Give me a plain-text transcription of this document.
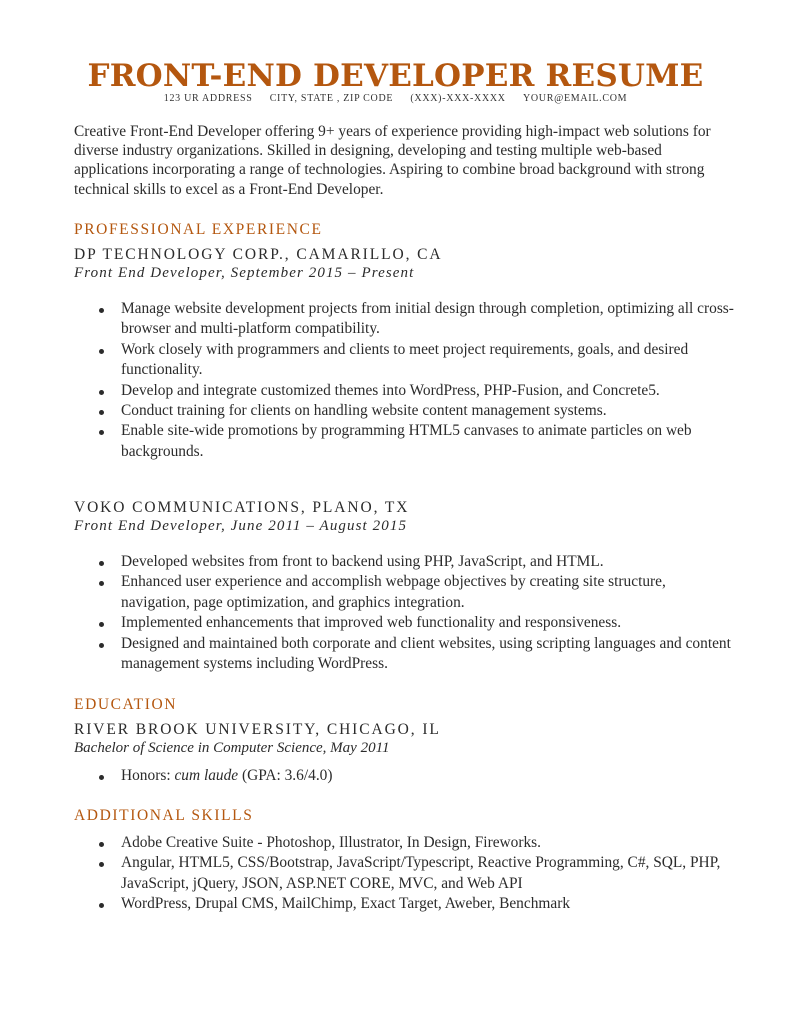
FRONT-END DEVELOPER RESUME
123 UR ADDRESS CITY, STATE , ZIP CODE (XXX)-XXX-XXXX YOUR@EMAIL.COM
Creative Front-End Developer offering 9+ years of experience providing high-impact web solutions for diverse industry organizations. Skilled in designing, developing and testing multiple web-based applications incorporating a range of technologies. Aspiring to combine broad background with strong technical skills to excel as a Front-End Developer.
PROFESSIONAL EXPERIENCE
DP TECHNOLOGY CORP., CAMARILLO, CA
Front End Developer, September 2015 – Present
Manage website development projects from initial design through completion, optimizing all cross-browser and multi-platform compatibility.
Work closely with programmers and clients to meet project requirements, goals, and desired functionality.
Develop and integrate customized themes into WordPress, PHP-Fusion, and Concrete5.
Conduct training for clients on handling website content management systems.
Enable site-wide promotions by programming HTML5 canvases to animate particles on web backgrounds.
VOKO COMMUNICATIONS, PLANO, TX
Front End Developer, June 2011 – August 2015
Developed websites from front to backend using PHP, JavaScript, and HTML.
Enhanced user experience and accomplish webpage objectives by creating site structure, navigation, page optimization, and graphics integration.
Implemented enhancements that improved web functionality and responsiveness.
Designed and maintained both corporate and client websites, using scripting languages and content management systems including WordPress.
EDUCATION
RIVER BROOK UNIVERSITY, CHICAGO, IL
Bachelor of Science in Computer Science, May 2011
Honors: cum laude (GPA: 3.6/4.0)
ADDITIONAL SKILLS
Adobe Creative Suite - Photoshop, Illustrator, In Design, Fireworks.
Angular, HTML5, CSS/Bootstrap, JavaScript/Typescript, Reactive Programming, C#, SQL, PHP, JavaScript, jQuery, JSON, ASP.NET CORE, MVC, and Web API
WordPress, Drupal CMS, MailChimp, Exact Target, Aweber, Benchmark
